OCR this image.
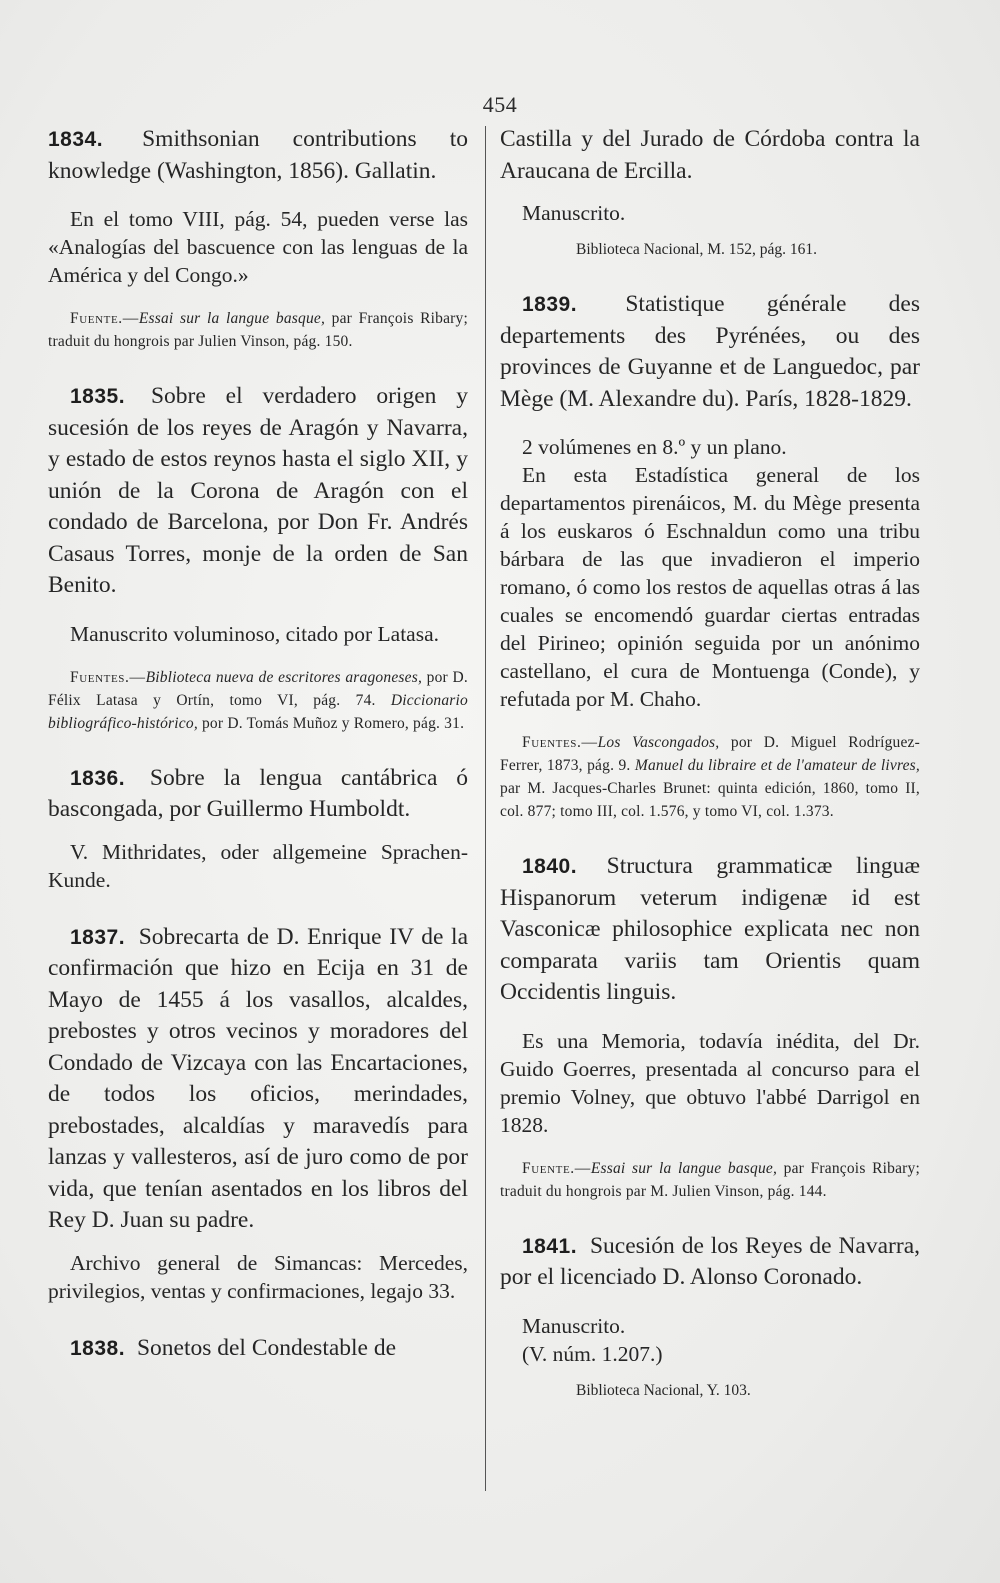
454

1834. Smithsonian contributions to knowledge (Washington, 1856). Gallatin.

En el tomo VIII, pág. 54, pueden verse las «Analogías del bascuence con las lenguas de la América y del Congo.»

Fuente.—Essai sur la langue basque, par François Ribary; traduit du hongrois par Julien Vinson, pág. 150.

1835. Sobre el verdadero origen y sucesión de los reyes de Aragón y Navarra, y estado de estos reynos hasta el siglo XII, y unión de la Corona de Aragón con el condado de Barcelona, por Don Fr. Andrés Casaus Torres, monje de la orden de San Benito.

Manuscrito voluminoso, citado por Latasa.

Fuentes.—Biblioteca nueva de escritores aragoneses, por D. Félix Latasa y Ortín, tomo VI, pág. 74. Diccionario bibliográfico-histórico, por D. Tomás Muñoz y Romero, pág. 31.

1836. Sobre la lengua cantábrica ó bascongada, por Guillermo Humboldt.

V. Mithridates, oder allgemeine Sprachen-Kunde.

1837. Sobrecarta de D. Enrique IV de la confirmación que hizo en Ecija en 31 de Mayo de 1455 á los vasallos, alcaldes, prebostes y otros vecinos y moradores del Condado de Vizcaya con las Encartaciones, de todos los oficios, merindades, prebostades, alcaldías y maravedís para lanzas y vallesteros, así de juro como de por vida, que tenían asentados en los libros del Rey D. Juan su padre.

Archivo general de Simancas: Mercedes, privilegios, ventas y confirmaciones, legajo 33.

1838. Sonetos del Condestable de

Castilla y del Jurado de Córdoba contra la Araucana de Ercilla.

Manuscrito.

Biblioteca Nacional, M. 152, pág. 161.

1839. Statistique générale des departements des Pyrénées, ou des provinces de Guyanne et de Languedoc, par Mège (M. Alexandre du). París, 1828-1829.

2 volúmenes en 8.º y un plano.

En esta Estadística general de los departamentos pirenáicos, M. du Mège presenta á los euskaros ó Eschnaldun como una tribu bárbara de las que invadieron el imperio romano, ó como los restos de aquellas otras á las cuales se encomendó guardar ciertas entradas del Pirineo; opinión seguida por un anónimo castellano, el cura de Montuenga (Conde), y refutada por M. Chaho.

Fuentes.—Los Vascongados, por D. Miguel Rodríguez-Ferrer, 1873, pág. 9. Manuel du libraire et de l'amateur de livres, par M. Jacques-Charles Brunet: quinta edición, 1860, tomo II, col. 877; tomo III, col. 1.576, y tomo VI, col. 1.373.

1840. Structura grammaticæ linguæ Hispanorum veterum indigenæ id est Vasconicæ philosophice explicata nec non comparata variis tam Orientis quam Occidentis linguis.

Es una Memoria, todavía inédita, del Dr. Guido Goerres, presentada al concurso para el premio Volney, que obtuvo l'abbé Darrigol en 1828.

Fuente.—Essai sur la langue basque, par François Ribary; traduit du hongrois par M. Julien Vinson, pág. 144.

1841. Sucesión de los Reyes de Navarra, por el licenciado D. Alonso Coronado.

Manuscrito.

(V. núm. 1.207.)

Biblioteca Nacional, Y. 103.
